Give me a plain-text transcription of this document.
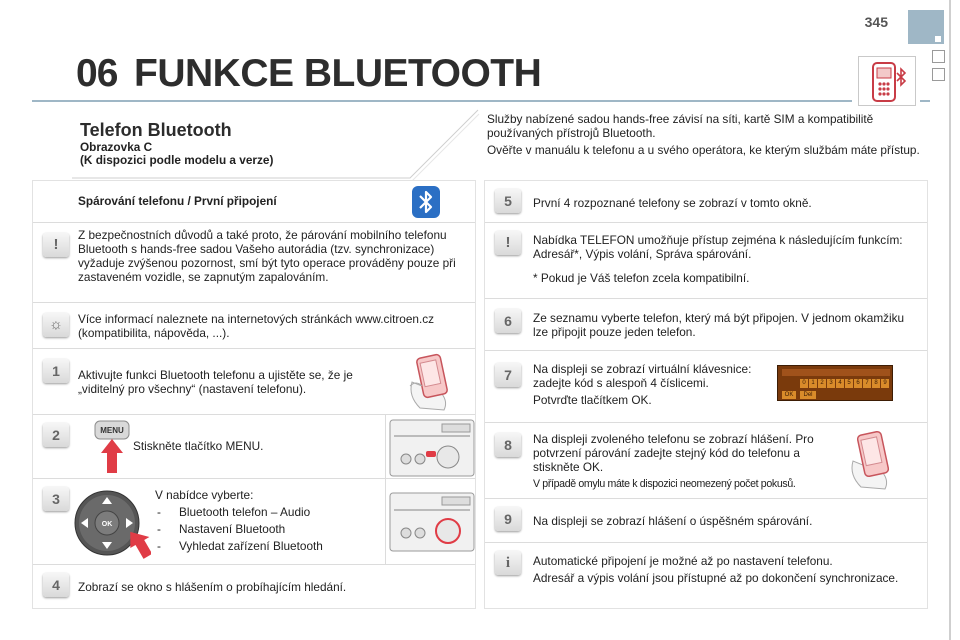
345
06 FUNKCE BLUETOOTH
Telefon Bluetooth
Obrazovka C
(K dispozici podle modelu a verze)

Služby nabízené sadou hands-free závisí na síti, kartě SIM a kompatibilitě používaných přístrojů Bluetooth.

Ověřte v manuálu k telefonu a u svého operátora, ke kterým službám máte přístup.

Spárování telefonu / První připojení
!
Z bezpečnostních důvodů a také proto, že párování mobilního telefonu Bluetooth s hands-free sadou Vašeho autorádia (tzv. synchronizace) vyžaduje zvýšenou pozornost, smí být tyto operace prováděny pouze při zastaveném vozidle, se zapnutým zapalováním.
☼	Více informací naleznete na internetových stránkách www.citroen.cz (kompatibilita, nápověda, ...).
1	Aktivujte funkci Bluetooth telefonu a ujistěte se, že je „viditelný pro všechny“ (nastavení telefonu).
2	MENU
Stiskněte tlačítko MENU.
3
OK

V nabídce vyberte:

- Bluetooth telefon – Audio
- Nastavení Bluetooth
- Vyhledat zařízení Bluetooth
4	Zobrazí se okno s hlášením o probíhajícím hledání.
5	První 4 rozpoznané telefony se zobrazí v tomto okně.
!	Nabídka TELEFON umožňuje přístup zejména k následujícím funkcím: Adresář*, Výpis volání, Správa spárování.

* Pokud je Váš telefon zcela kompatibilní.

6	Ze seznamu vyberte telefon, který má být připojen. V jednom okamžiku lze připojit pouze jeden telefon.
7	Na displeji se zobrazí virtuální klávesnice: zadejte kód s alespoň 4 číslicemi.

Potvrďte tlačítkem OK.

0 1 2 3 4 5 6 7 8 9
OK	Del
8	Na displeji zvoleného telefonu se zobrazí hlášení. Pro potvrzení párování zadejte stejný kód do telefonu a stiskněte OK.

V případě omylu máte k dispozici neomezený počet pokusů.

9	Na displeji se zobrazí hlášení o úspěšném spárování.
i	Automatické připojení je možné až po nastavení telefonu.

Adresář a výpis volání jsou přístupné až po dokončení synchronizace.
